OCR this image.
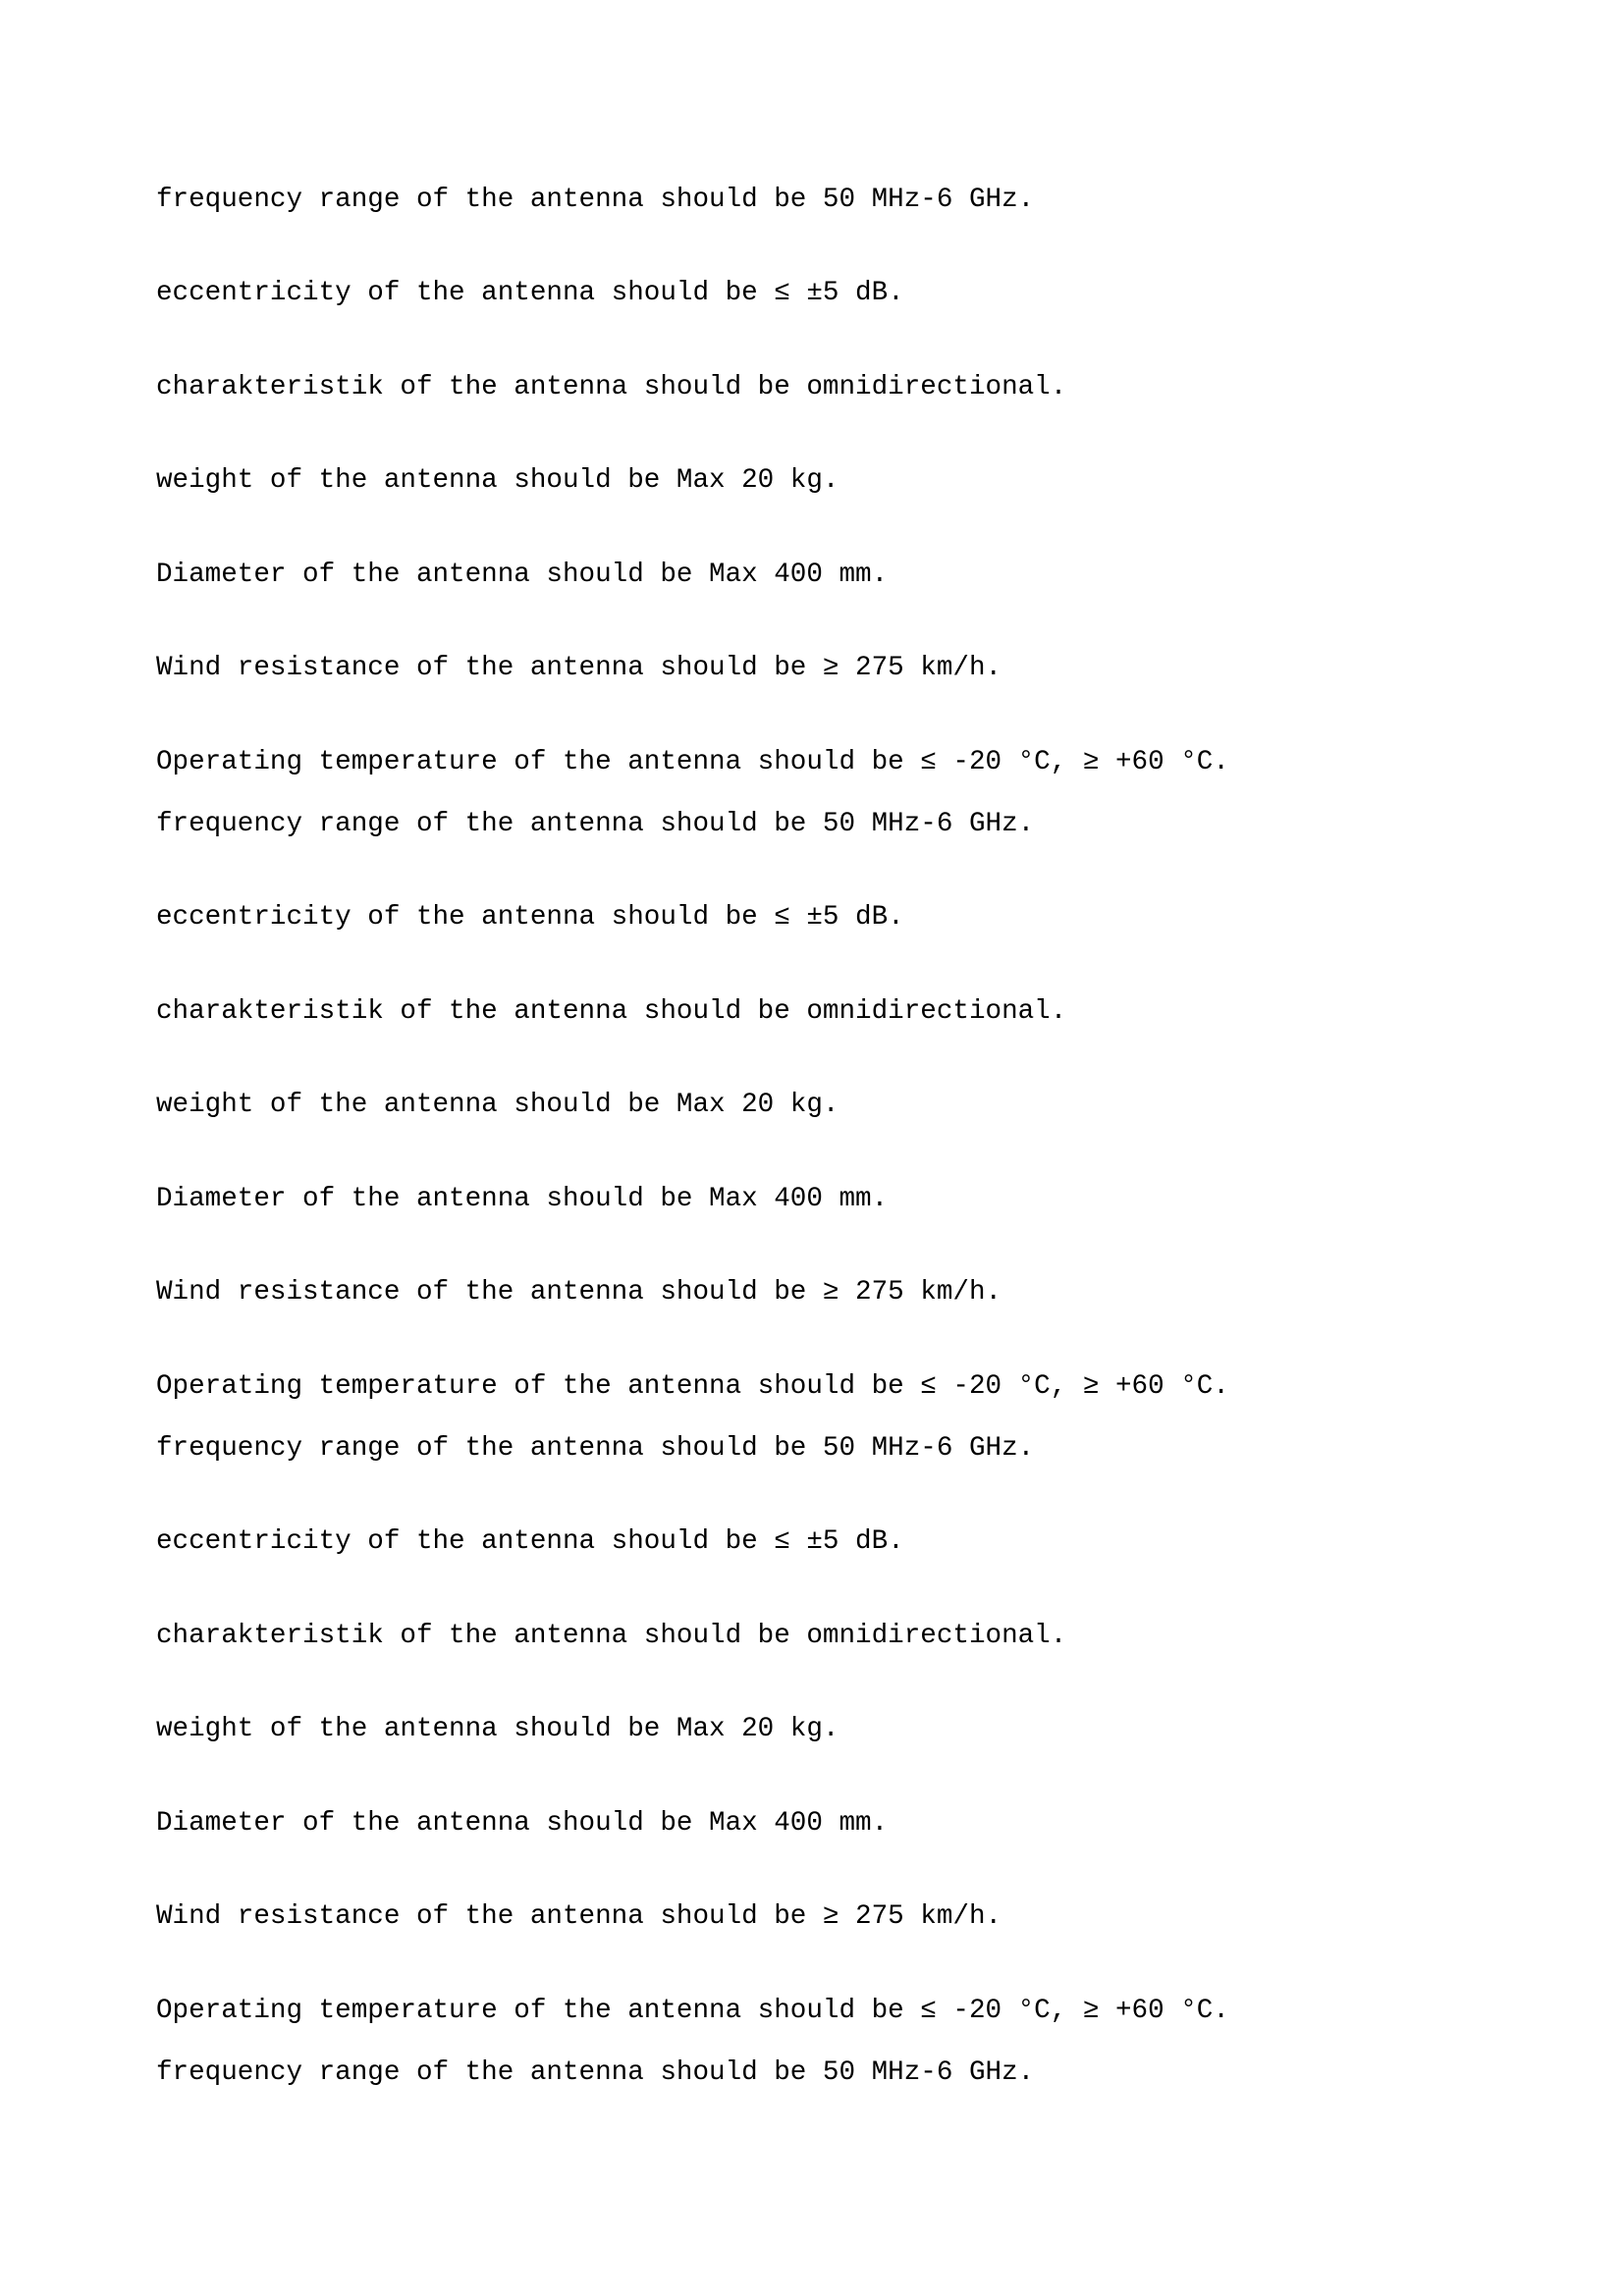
frequency range of the antenna should be 50 MHz-6 GHz.

eccentricity of the antenna should be ≤ ±5 dB.

charakteristik of the antenna should be omnidirectional.

weight of the antenna should be Max 20 kg.

Diameter of the antenna should be Max 400 mm.

Wind resistance of the antenna should be ≥ 275 km/h.

Operating temperature of the antenna should be ≤ -20 °C, ≥ +60 °C.

frequency range of the antenna should be 50 MHz-6 GHz.

eccentricity of the antenna should be ≤ ±5 dB.

charakteristik of the antenna should be omnidirectional.

weight of the antenna should be Max 20 kg.

Diameter of the antenna should be Max 400 mm.

Wind resistance of the antenna should be ≥ 275 km/h.

Operating temperature of the antenna should be ≤ -20 °C, ≥ +60 °C.

frequency range of the antenna should be 50 MHz-6 GHz.

eccentricity of the antenna should be ≤ ±5 dB.

charakteristik of the antenna should be omnidirectional.

weight of the antenna should be Max 20 kg.

Diameter of the antenna should be Max 400 mm.

Wind resistance of the antenna should be ≥ 275 km/h.

Operating temperature of the antenna should be ≤ -20 °C, ≥ +60 °C.

frequency range of the antenna should be 50 MHz-6 GHz.
